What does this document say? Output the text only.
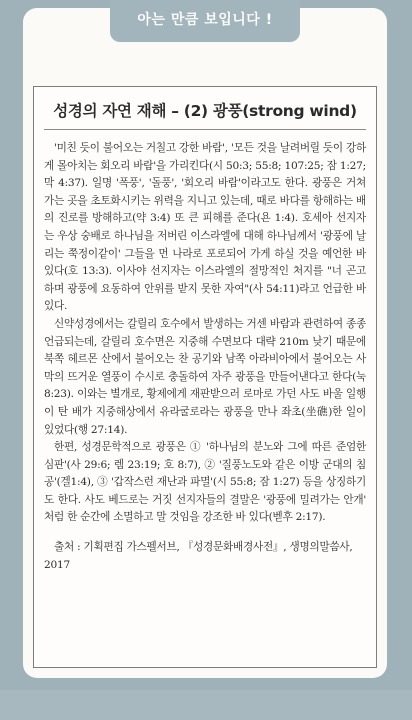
아는 만큼 보입니다 !
성경의 자연 재해 – (2) 광풍(strong wind)

'미친 듯이 불어오는 거칠고 강한 바람', '모든 것을 날려버릴 듯이 강하게 몰아치는 회오리 바람'을 가리킨다(시 50:3; 55:8; 107:25; 잠 1:27; 막 4:37). 일명 '폭풍', '돌풍', '회오리 바람'이라고도 한다. 광풍은 거쳐가는 곳을 초토화시키는 위력을 지니고 있는데, 때로 바다를 항해하는 배의 진로를 방해하고(약 3:4) 또 큰 피해를 준다(욘 1:4). 호세아 선지자는 우상 숭배로 하나님을 저버린 이스라엘에 대해 하나님께서 '광풍에 날리는 쭉정이같이' 그들을 먼 나라로 포로되어 가게 하실 것을 예언한 바 있다(호 13:3). 이사야 선지자는 이스라엘의 절망적인 처지를 "너 곤고하며 광풍에 요동하여 안위를 받지 못한 자여"(사 54:11)라고 언급한 바 있다.

신약성경에서는 갈릴리 호수에서 발생하는 거센 바람과 관련하여 종종 언급되는데, 갈릴리 호수면은 지중해 수면보다 대략 210m 낮기 때문에 북쪽 헤르몬 산에서 불어오는 찬 공기와 남쪽 아라비아에서 불어오는 사막의 뜨거운 열풍이 수시로 충돌하여 자주 광풍을 만들어낸다고 한다(눅 8:23). 이와는 별개로, 황제에게 재판받으러 로마로 가던 사도 바울 일행이 탄 배가 지중해상에서 유라굴로라는 광풍을 만나 좌초(坐礁)한 일이 있었다(행 27:14).

한편, 성경문학적으로 광풍은 ① '하나님의 분노와 그에 따른 준엄한 심판'(사 29:6; 렘 23:19; 호 8:7), ② '질풍노도와 같은 이방 군대의 침공'(겔1:4), ③ '갑작스런 재난과 파멸'(시 55:8; 잠 1:27) 등을 상징하기도 한다. 사도 베드로는 거짓 선지자들의 결말은 '광풍에 밀려가는 안개' 처럼 한 순간에 소멸하고 말 것임을 강조한 바 있다(벧후 2:17).

출처 : 기획편집 가스펠서브, 『성경문화배경사전』, 생명의말씀사, 2017
